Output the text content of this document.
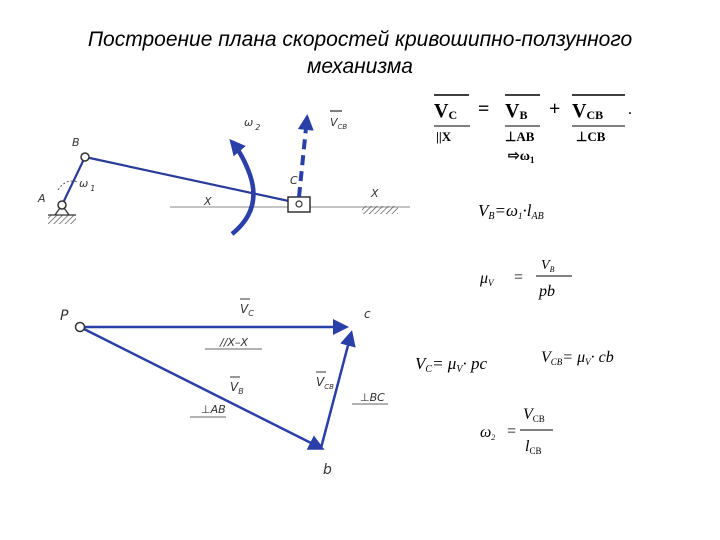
Построение плана скоростей кривошипно-ползунного
механизма
A
B
C
X
X
ω $_1$
ω $_2$	$V_{CB}$
P	c
b
$V_C$
//X–X
$V_B$
⊥AB
$V_{CB}$
⊥BC
VC = VB + VCB ·
||X	⊥AB	⊥CB
$⇨\omega_1$
VB=ω1·lAB
μV =
$V_B$
pb
VC= μV· pc	VCB= μV· cb
ω2 =
VCB
lCB
